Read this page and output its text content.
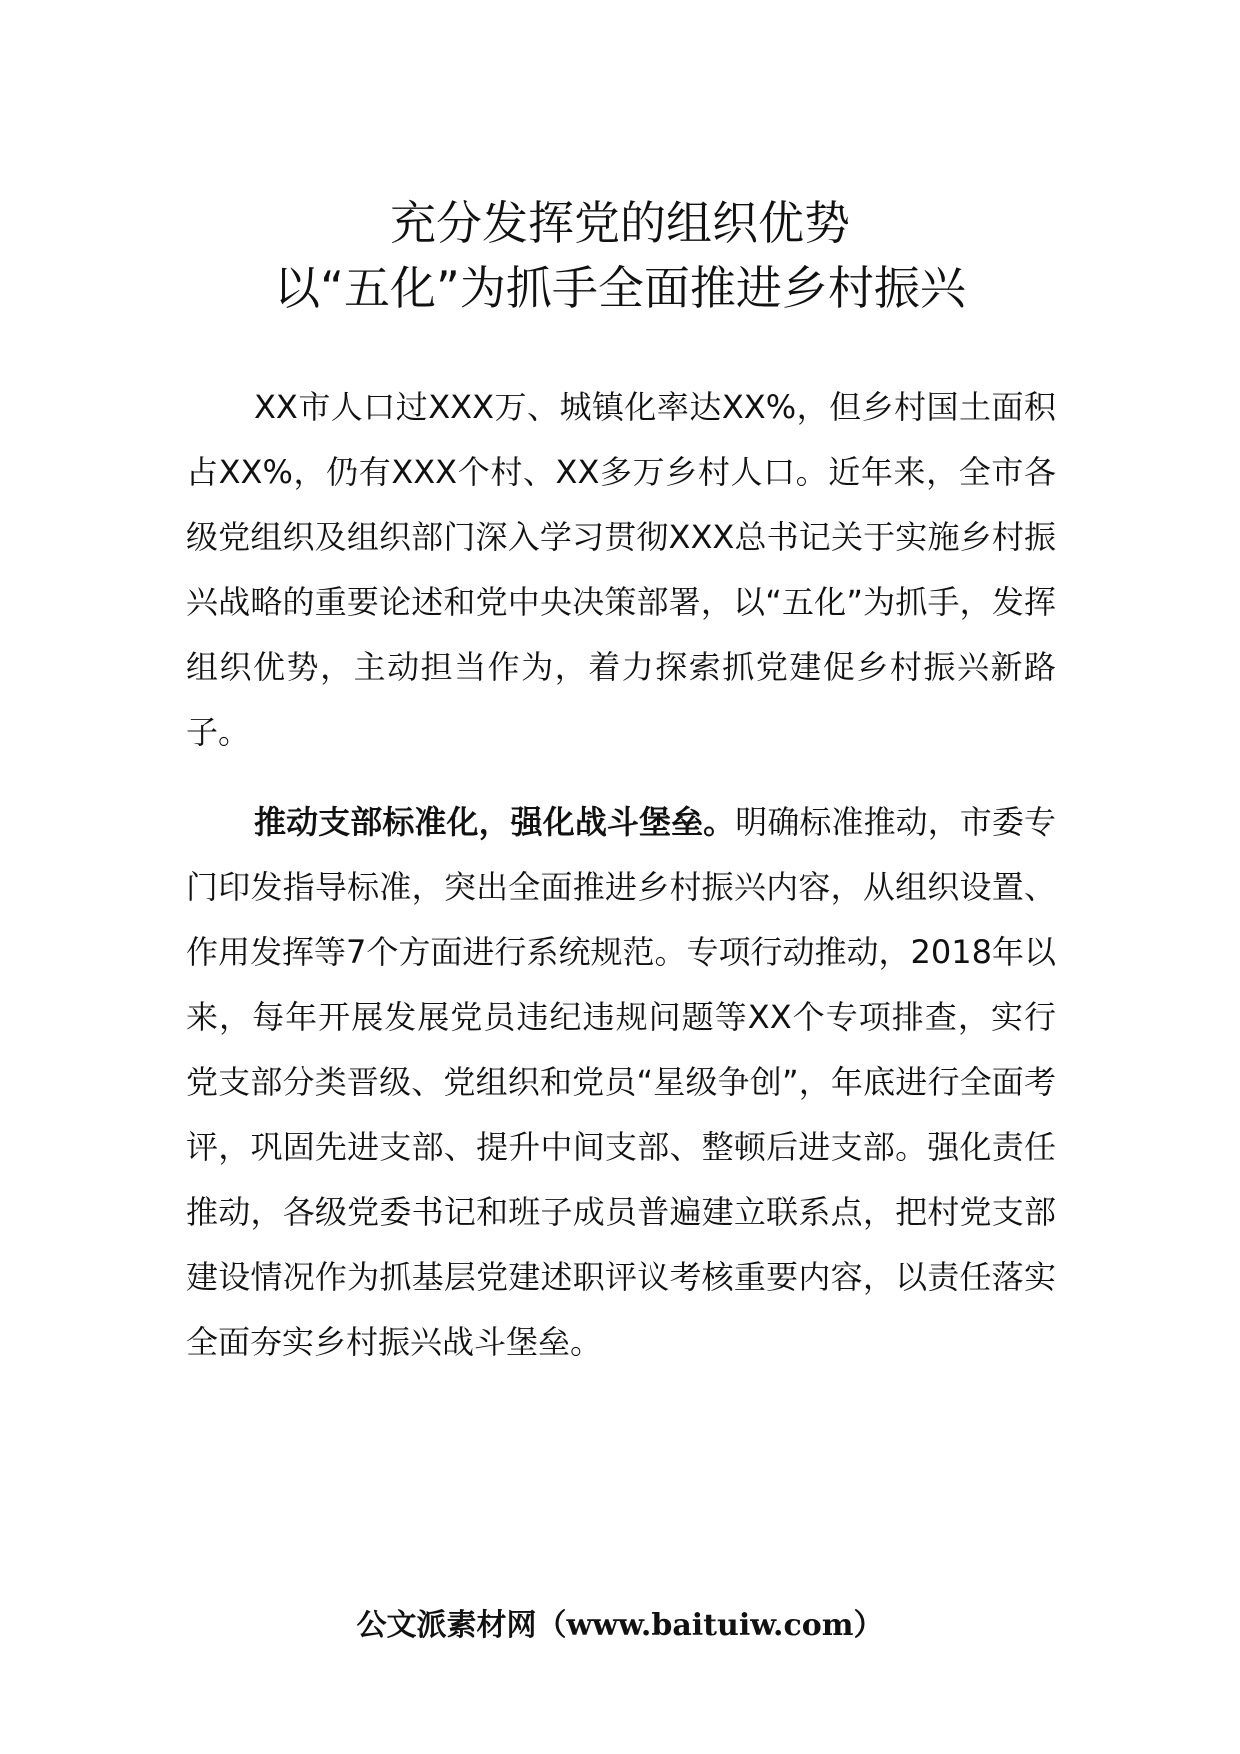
充分发挥党的组织优势
以“五化”为抓手全面推进乡村振兴

XX市人口过XXX万、城镇化率达XX%，但乡村国土面积占XX%，仍有XXX个村、XX多万乡村人口。近年来，全市各级党组织及组织部门深入学习贯彻XXX总书记关于实施乡村振兴战略的重要论述和党中央决策部署，以“五化”为抓手，发挥组织优势，主动担当作为，着力探索抓党建促乡村振兴新路子。

推动支部标准化，强化战斗堡垒。明确标准推动，市委专门印发指导标准，突出全面推进乡村振兴内容，从组织设置、作用发挥等7个方面进行系统规范。专项行动推动，2018年以来，每年开展发展党员违纪违规问题等XX个专项排查，实行党支部分类晋级、党组织和党员“星级争创”，年底进行全面考评，巩固先进支部、提升中间支部、整顿后进支部。强化责任推动，各级党委书记和班子成员普遍建立联系点，把村党支部建设情况作为抓基层党建述职评议考核重要内容，以责任落实全面夯实乡村振兴战斗堡垒。

公文派素材网（www.baituiw.com）
